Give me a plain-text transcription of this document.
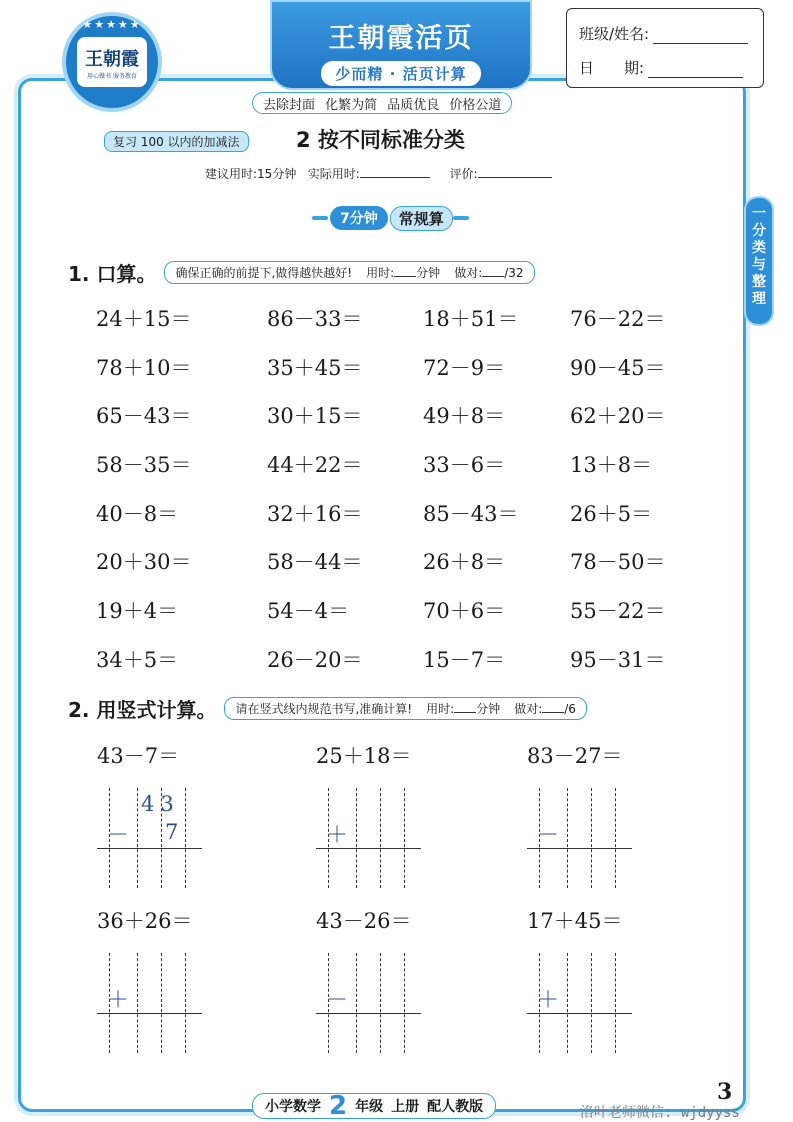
★★★★★
王朝霞
用心做书 服务教育
王朝霞活页
少而精 · 活页计算
班级/姓名:
日　　期:
去除封面 化繁为简 品质优良 价格公道
复习 100 以内的加减法	2 按不同标准分类
建议用时:15分钟 实际用时:	评价:
7分钟	常规算	一
分
类
与
整
理
1. 口算。 确保正确的前提下,做得越快越好! 用时: 分钟 做对: /32
24＋15＝	86－33＝	18＋51＝	76－22＝
78＋10＝	35＋45＝	72－9＝	90－45＝
65－43＝	30＋15＝	49＋8＝	62＋20＝
58－35＝	44＋22＝	33－6＝	13＋8＝
40－8＝	32＋16＝	85－43＝	26＋5＝
20＋30＝	58－44＝	26＋8＝	78－50＝
19＋4＝	54－4＝	70＋6＝	55－22＝
34＋5＝	26－20＝	15－7＝	95－31＝
2. 用竖式计算。 请在竖式线内规范书写,准确计算! 用时: 分钟 做对: /6
43－7＝
－
43
7
25＋18＝
＋
83－27＝
－
36＋26＝
＋
43－26＝
－
17＋45＝
＋
小学数学 2 年级 上册 配人教版
3
洛叶老师微信: wjdyyss
